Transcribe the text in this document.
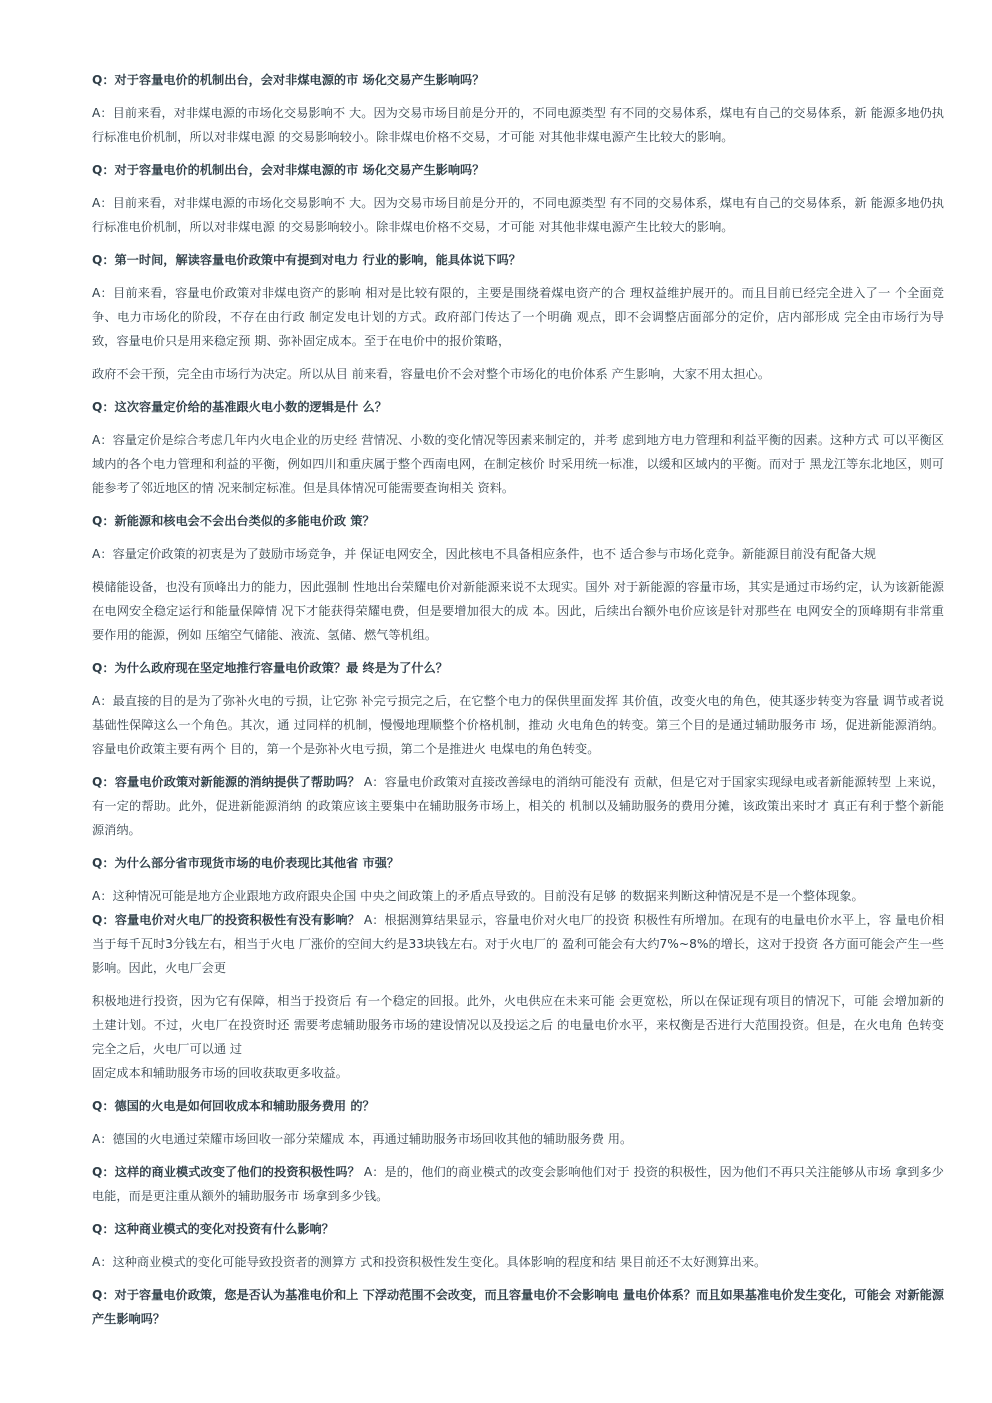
Q：对于容量电价的机制出台，会对非煤电源的市 场化交易产生影响吗？

A：目前来看，对非煤电源的市场化交易影响不 大。因为交易市场目前是分开的，不同电源类型 有不同的交易体系，煤电有自己的交易体系，新 能源多地仍执行标准电价机制，所以对非煤电源 的交易影响较小。除非煤电价格不交易，才可能 对其他非煤电源产生比较大的影响。

Q：对于容量电价的机制出台，会对非煤电源的市 场化交易产生影响吗？

A：目前来看，对非煤电源的市场化交易影响不 大。因为交易市场目前是分开的，不同电源类型 有不同的交易体系，煤电有自己的交易体系，新 能源多地仍执行标准电价机制，所以对非煤电源 的交易影响较小。除非煤电价格不交易，才可能 对其他非煤电源产生比较大的影响。

Q：第一时间，解读容量电价政策中有提到对电力 行业的影响，能具体说下吗？

A：目前来看，容量电价政策对非煤电资产的影响 相对是比较有限的，主要是围绕着煤电资产的合 理权益维护展开的。而且目前已经完全进入了一 个全面竞争、电力市场化的阶段，不存在由行政 制定发电计划的方式。政府部门传达了一个明确 观点，即不会调整店面部分的定价，店内部形成 完全由市场行为导致，容量电价只是用来稳定预 期、弥补固定成本。至于在电价中的报价策略，

政府不会干预，完全由市场行为决定。所以从目 前来看，容量电价不会对整个市场化的电价体系 产生影响，大家不用太担心。

Q：这次容量定价给的基准跟火电小数的逻辑是什 么？

A：容量定价是综合考虑几年内火电企业的历史经 营情况、小数的变化情况等因素来制定的，并考 虑到地方电力管理和利益平衡的因素。这种方式 可以平衡区域内的各个电力管理和利益的平衡，例如四川和重庆属于整个西南电网，在制定核价 时采用统一标准，以缓和区域内的平衡。而对于 黑龙江等东北地区，则可能参考了邻近地区的情 况来制定标准。但是具体情况可能需要查询相关 资料。

Q：新能源和核电会不会出台类似的多能电价政 策？

A：容量定价政策的初衷是为了鼓励市场竞争，并 保证电网安全，因此核电不具备相应条件，也不 适合参与市场化竞争。新能源目前没有配备大规

模储能设备，也没有顶峰出力的能力，因此强制 性地出台荣耀电价对新能源来说不太现实。国外 对于新能源的容量市场，其实是通过市场约定，认为该新能源在电网安全稳定运行和能量保障情 况下才能获得荣耀电费，但是要增加很大的成 本。因此，后续出台额外电价应该是针对那些在 电网安全的顶峰期有非常重要作用的能源，例如 压缩空气储能、液流、氢储、燃气等机组。

Q：为什么政府现在坚定地推行容量电价政策？最 终是为了什么？

A：最直接的目的是为了弥补火电的亏损，让它弥 补完亏损完之后，在它整个电力的保供里面发挥 其价值，改变火电的角色，使其逐步转变为容量 调节或者说基础性保障这么一个角色。其次，通 过同样的机制，慢慢地理顺整个价格机制，推动 火电角色的转变。第三个目的是通过辅助服务市 场，促进新能源消纳。容量电价政策主要有两个 目的，第一个是弥补火电亏损，第二个是推进火 电煤电的角色转变。

Q：容量电价政策对新能源的消纳提供了帮助吗？ A：容量电价政策对直接改善绿电的消纳可能没有 贡献，但是它对于国家实现绿电或者新能源转型 上来说，有一定的帮助。此外，促进新能源消纳 的政策应该主要集中在辅助服务市场上，相关的 机制以及辅助服务的费用分摊，该政策出来时才 真正有利于整个新能源消纳。

Q：为什么部分省市现货市场的电价表现比其他省 市强？

A：这种情况可能是地方企业跟地方政府跟央企国 中央之间政策上的矛盾点导致的。目前没有足够 的数据来判断这种情况是不是一个整体现象。

Q：容量电价对火电厂的投资积极性有没有影响？ A：根据测算结果显示，容量电价对火电厂的投资 积极性有所增加。在现有的电量电价水平上，容 量电价相当于每千瓦时3分钱左右，相当于火电 厂涨价的空间大约是33块钱左右。对于火电厂的 盈利可能会有大约7%~8%的增长，这对于投资 各方面可能会产生一些影响。因此，火电厂会更

积极地进行投资，因为它有保障，相当于投资后 有一个稳定的回报。此外，火电供应在未来可能 会更宽松，所以在保证现有项目的情况下，可能 会增加新的土建计划。不过，火电厂在投资时还 需要考虑辅助服务市场的建设情况以及投运之后 的电量电价水平，来权衡是否进行大范围投资。但是，在火电角 色转变完全之后，火电厂可以通 过

固定成本和辅助服务市场的回收获取更多收益。

Q：德国的火电是如何回收成本和辅助服务费用 的？

A：德国的火电通过荣耀市场回收一部分荣耀成 本，再通过辅助服务市场回收其他的辅助服务费 用。

Q：这样的商业模式改变了他们的投资积极性吗？ A：是的，他们的商业模式的改变会影响他们对于 投资的积极性，因为他们不再只关注能够从市场 拿到多少电能，而是更注重从额外的辅助服务市 场拿到多少钱。

Q：这种商业模式的变化对投资有什么影响？

A：这种商业模式的变化可能导致投资者的测算方 式和投资积极性发生变化。具体影响的程度和结 果目前还不太好测算出来。

Q：对于容量电价政策，您是否认为基准电价和上 下浮动范围不会改变，而且容量电价不会影响电 量电价体系？而且如果基准电价发生变化，可能会 对新能源产生影响吗？
